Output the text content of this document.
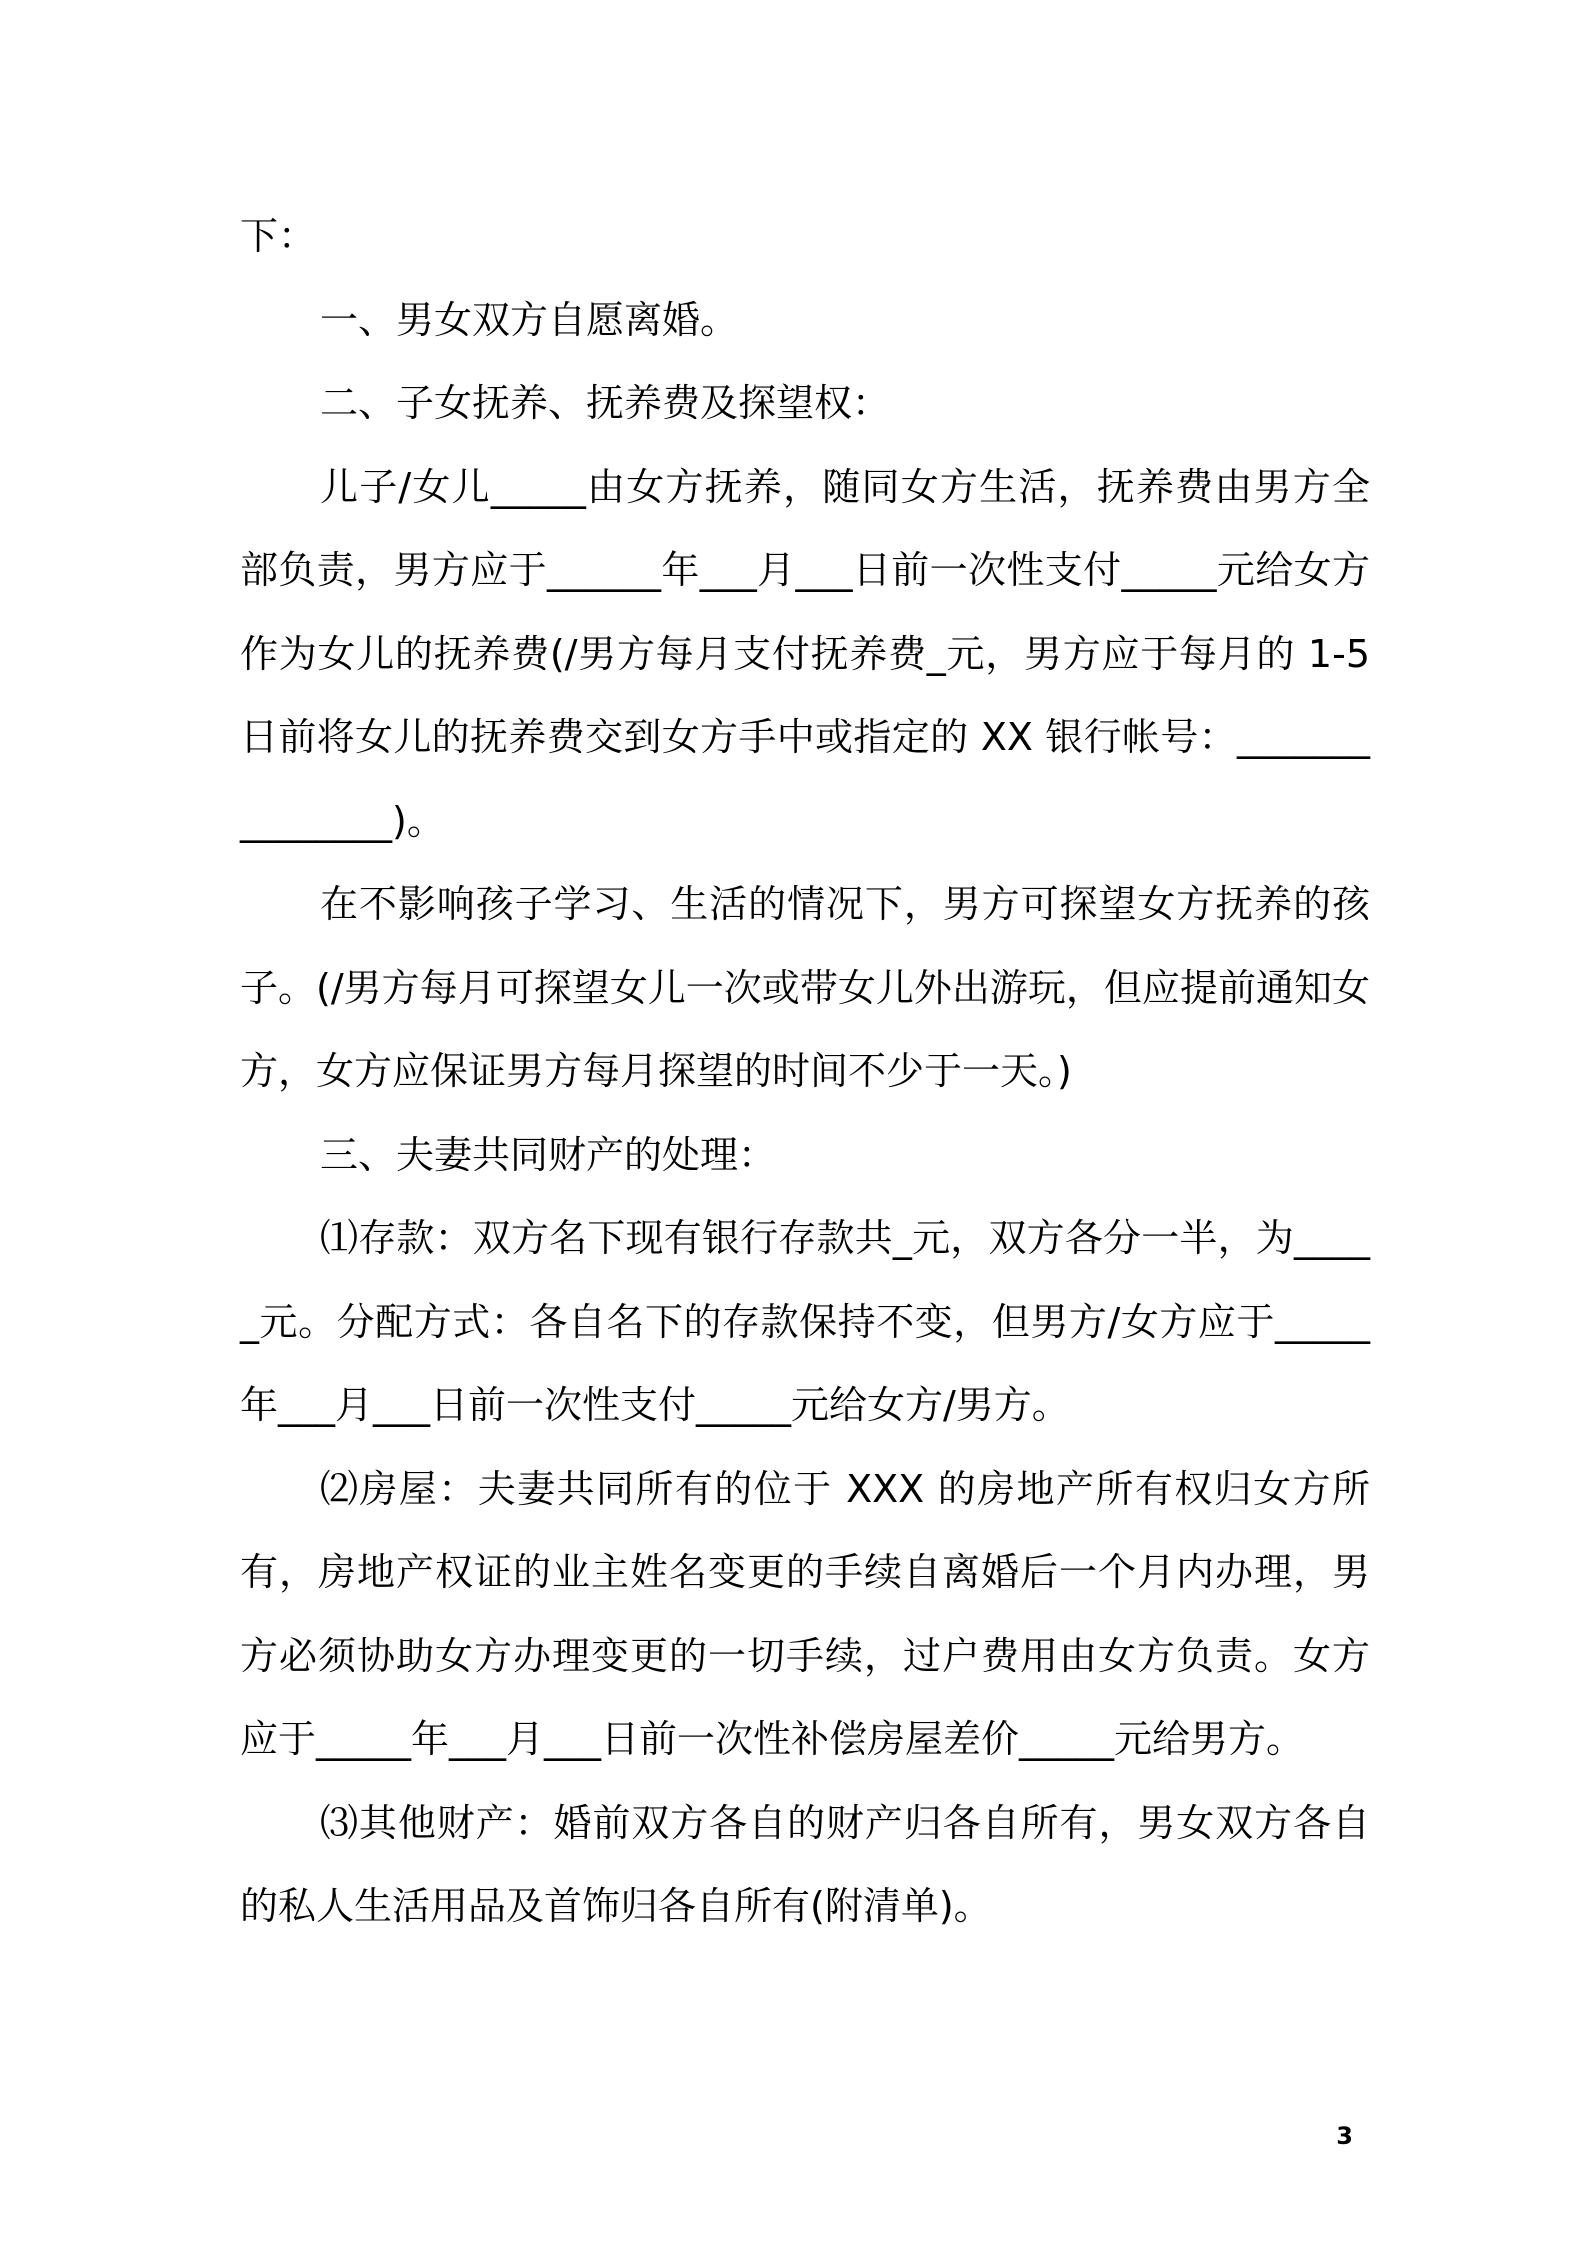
下：

一、男女双方自愿离婚。

二、子女抚养、抚养费及探望权：

儿子/女儿_____由女方抚养，随同女方生活，抚养费由男方全部负责，男方应于______年___月___日前一次性支付_____元给女方作为女儿的抚养费(/男方每月支付抚养费_元，男方应于每月的 1-5 日前将女儿的抚养费交到女方手中或指定的 XX 银行帐号：_______________)。

在不影响孩子学习、生活的情况下，男方可探望女方抚养的孩子。(/男方每月可探望女儿一次或带女儿外出游玩，但应提前通知女方，女方应保证男方每月探望的时间不少于一天。)

三、夫妻共同财产的处理：

⑴存款：双方名下现有银行存款共_元，双方各分一半，为_____元。分配方式：各自名下的存款保持不变，但男方/女方应于_____年___月___日前一次性支付_____元给女方/男方。

⑵房屋：夫妻共同所有的位于 XXX 的房地产所有权归女方所有，房地产权证的业主姓名变更的手续自离婚后一个月内办理，男方必须协助女方办理变更的一切手续，过户费用由女方负责。女方应于_____年___月___日前一次性补偿房屋差价_____元给男方。

⑶其他财产：婚前双方各自的财产归各自所有，男女双方各自的私人生活用品及首饰归各自所有(附清单)。

3
